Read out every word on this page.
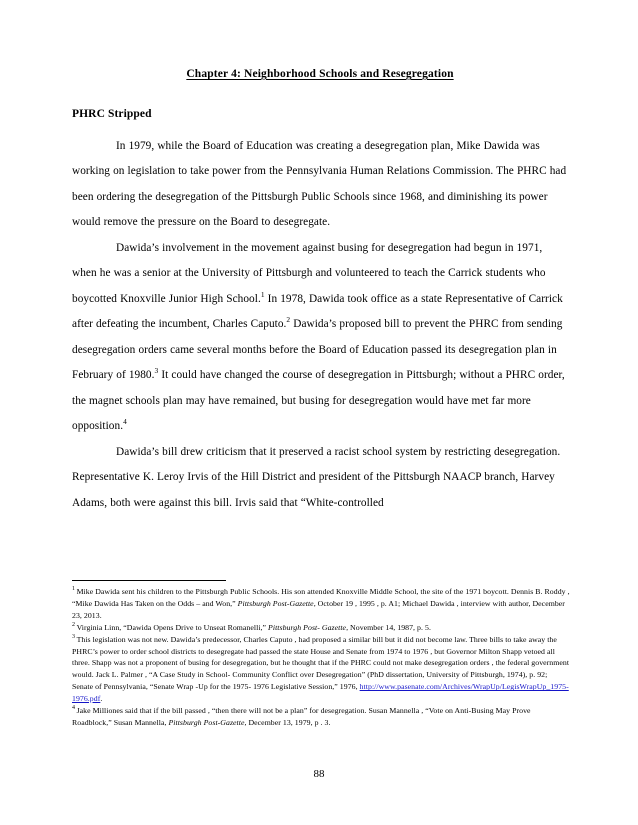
Chapter 4: Neighborhood Schools and Resegregation
PHRC Stripped

In 1979, while the Board of Education was creating a desegregation plan, Mike Dawida was working on legislation to take power from the Pennsylvania Human Relations Commission. The PHRC had been ordering the desegregation of the Pittsburgh Public Schools since 1968, and diminishing its power would remove the pressure on the Board to desegregate.

Dawida’s involvement in the movement against busing for desegregation had begun in 1971, when he was a senior at the University of Pittsburgh and volunteered to teach the Carrick students who boycotted Knoxville Junior High School.$^1$ In 1978, Dawida took office as a state Representative of Carrick after defeating the incumbent, Charles Caputo.$^2$ Dawida’s proposed bill to prevent the PHRC from sending desegregation orders came several months before the Board of Education passed its desegregation plan in February of 1980.$^3$ It could have changed the course of desegregation in Pittsburgh; without a PHRC order, the magnet schools plan may have remained, but busing for desegregation would have met far more opposition.$^4$

Dawida’s bill drew criticism that it preserved a racist school system by restricting desegregation. Representative K. Leroy Irvis of the Hill District and president of the Pittsburgh NAACP branch, Harvey Adams, both were against this bill. Irvis said that “White-controlled

$^1$ Mike Dawida sent his children to the Pittsburgh Public Schools. His son attended Knoxville Middle School, the site of the 1971 boycott. Dennis B. Roddy , “Mike Dawida Has Taken on the Odds – and Won,” Pittsburgh Post-Gazette, October 19 , 1995 , p. A1; Michael Dawida , interview with author, December 23, 2013.

$^2$ Virginia Linn, “Dawida Opens Drive to Unseat Romanelli,” Pittsburgh Post- Gazette, November 14, 1987, p. 5.

$^3$ This legislation was not new. Dawida’s predecessor, Charles Caputo , had proposed a similar bill but it did not become law. Three bills to take away the PHRC’s power to order school districts to desegregate had passed the state House and Senate from 1974 to 1976 , but Governor Milton Shapp vetoed all three. Shapp was not a proponent of busing for desegregation, but he thought that if the PHRC could not make desegregation orders , the federal government would. Jack L. Palmer , “A Case Study in School- Community Conflict over Desegregation” (PhD dissertation, University of Pittsburgh, 1974), p. 92; Senate of Pennsylvania, “Senate Wrap -Up for the 1975- 1976 Legislative Session,” 1976, http://www.pasenate.com/Archives/WrapUp/LegisWrapUp_1975-1976.pdf.

$^4$ Jake Milliones said that if the bill passed , “then there will not be a plan” for desegregation. Susan Mannella , “Vote on Anti-Busing May Prove Roadblock,” Susan Mannella, Pittsburgh Post-Gazette, December 13, 1979, p . 3.

88
